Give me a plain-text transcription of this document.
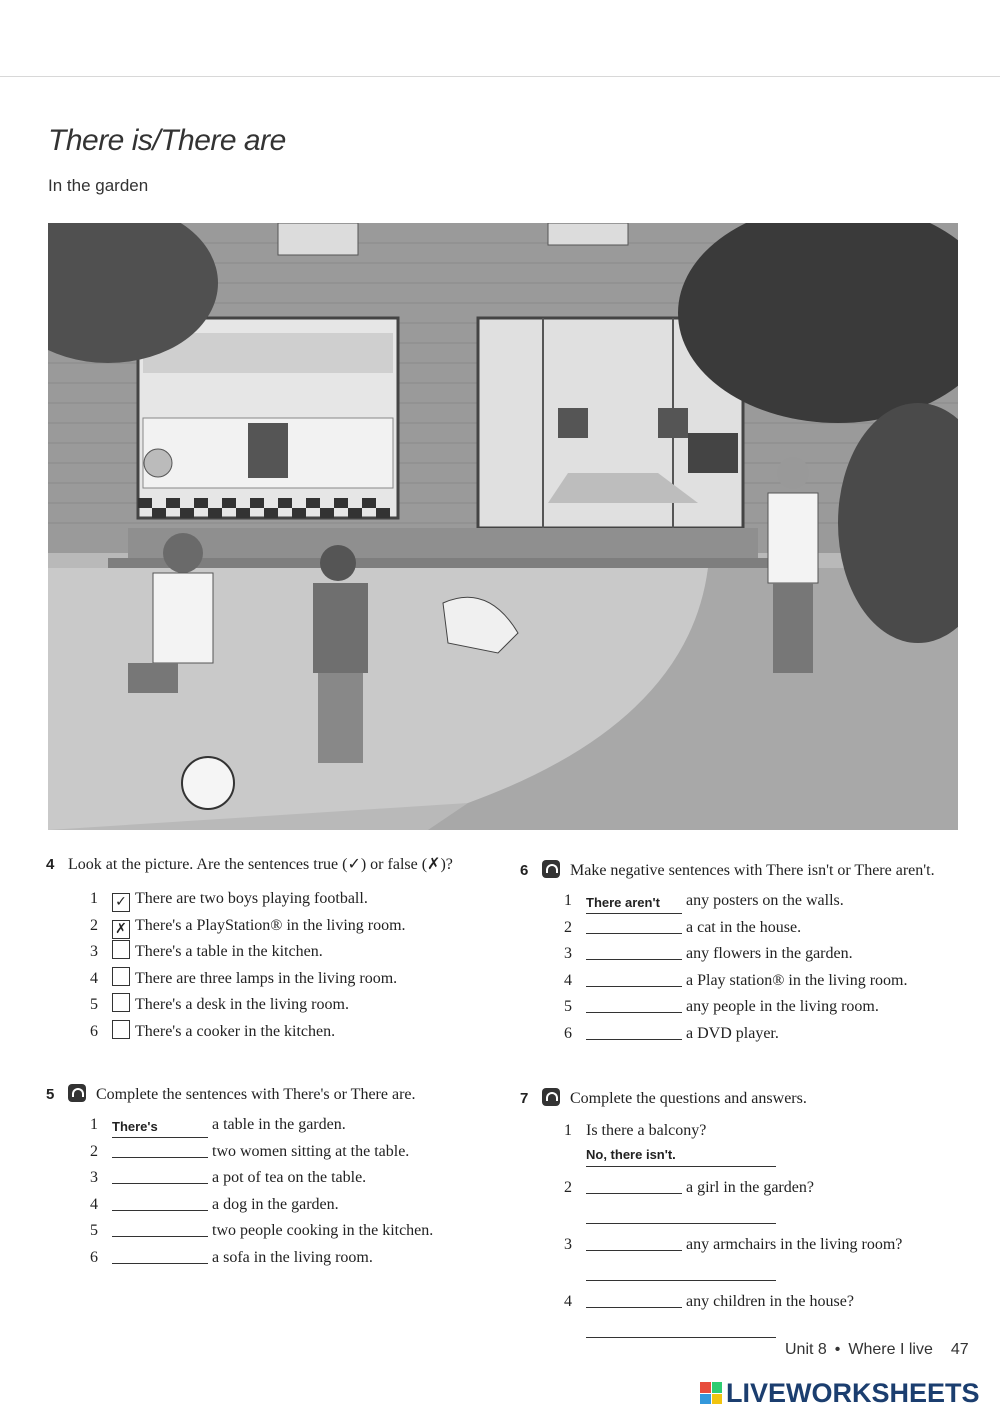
There is/There are
In the garden
4 Look at the picture. Are the sentences true (✓) or false (✗)?
1 ✓ There are two boys playing football.
2 ✗ There's a PlayStation® in the living room.
3 There's a table in the kitchen.
4 There are three lamps in the living room.
5 There's a desk in the living room.
6 There's a cooker in the kitchen.
5	Complete the sentences with There's or There are.
1 There's	a table in the garden.
2	two women sitting at the table.
3	a pot of tea on the table.
4	a dog in the garden.
5	two people cooking in the kitchen.
6	a sofa in the living room.
6	Make negative sentences with There isn't or There aren't.
1 There aren't any posters on the walls.
2	a cat in the house.
3	any flowers in the garden.
4	a Play station® in the living room.
5	any people in the living room.
6	a DVD player.
7	Complete the questions and answers.
1 Is there a balcony?
No, there isn't.
2	a girl in the garden?
3	any armchairs in the living room?
4	any children in the house?
Unit 8 • Where I live 47
LIVEWORKSHEETS
